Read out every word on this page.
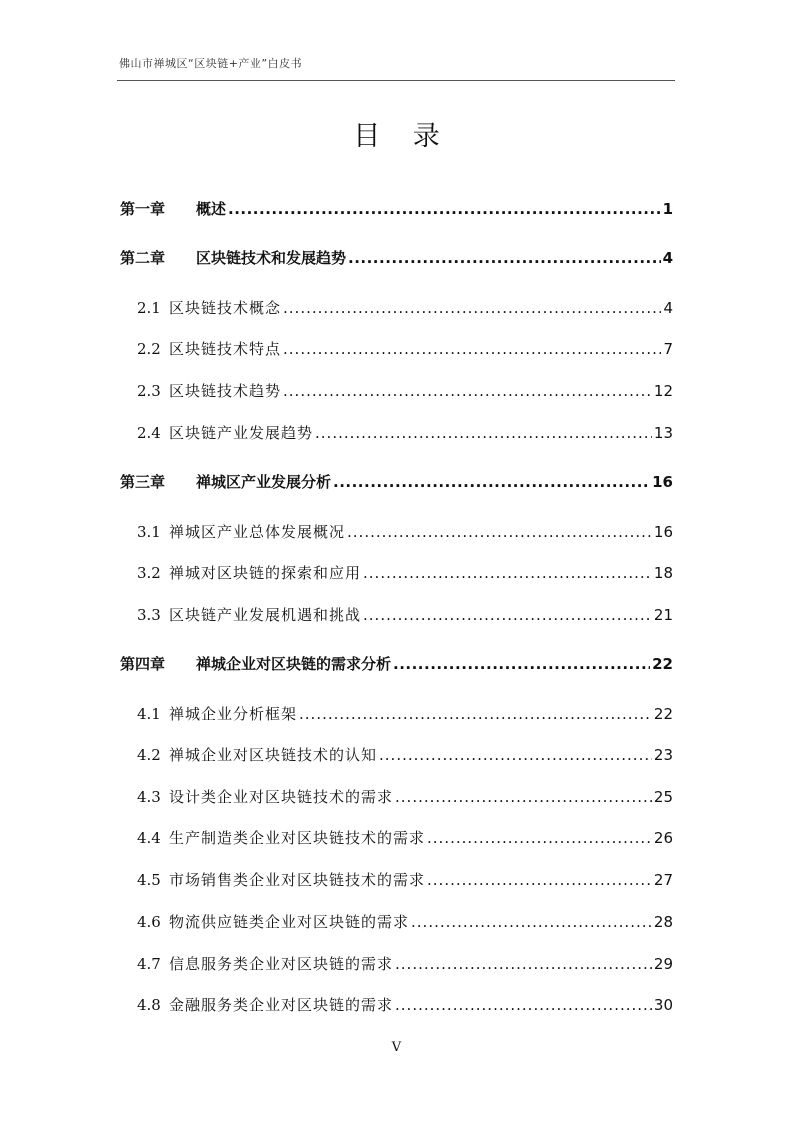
佛山市禅城区“区块链+产业”白皮书
目 录
第一章	概述 .....	1
第二章	区块链技术和发展趋势 .....	4
2.1 区块链技术概念 .....	4
2.2 区块链技术特点 .....	7
2.3 区块链技术趋势 .....	12
2.4 区块链产业发展趋势 .....	13
第三章	禅城区产业发展分析 .....	16
3.1 禅城区产业总体发展概况 .....	16
3.2 禅城对区块链的探索和应用 .....	18
3.3 区块链产业发展机遇和挑战 .....	21
第四章	禅城企业对区块链的需求分析 .....	22
4.1 禅城企业分析框架 .....	22
4.2 禅城企业对区块链技术的认知 .....	23
4.3 设计类企业对区块链技术的需求 .....	25
4.4 生产制造类企业对区块链技术的需求 .....	26
4.5 市场销售类企业对区块链技术的需求 .....	27
4.6 物流供应链类企业对区块链的需求 .....	28
4.7 信息服务类企业对区块链的需求 .....	29
4.8 金融服务类企业对区块链的需求 .....	30
V
